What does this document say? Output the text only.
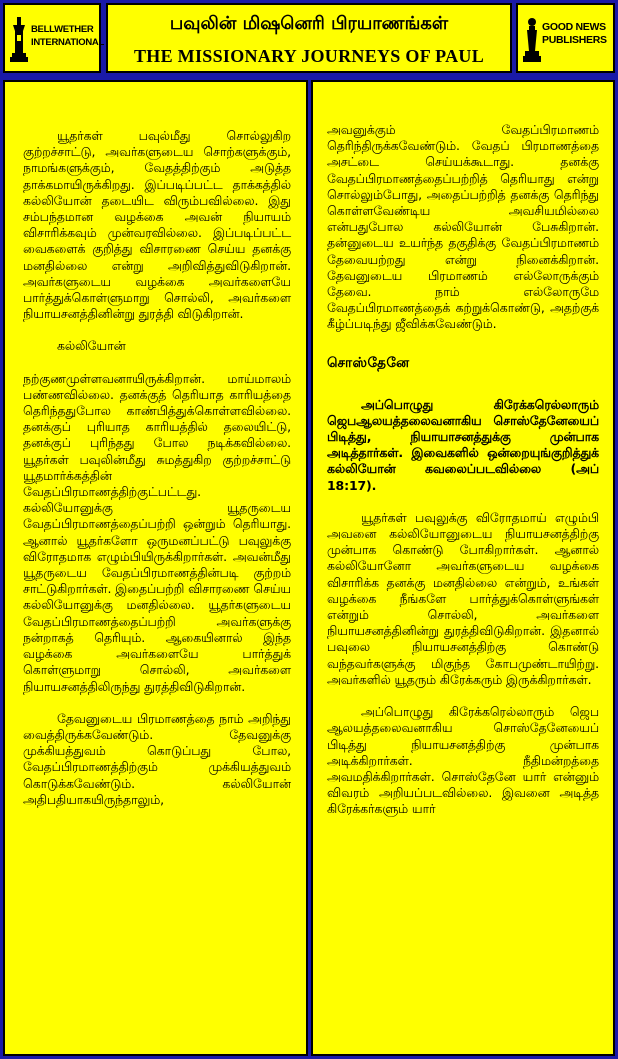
BELLWETHER INTERNATIONAL
பவுலின் மிஷனெரி பிரயாணங்கள்
THE MISSIONARY JOURNEYS OF PAUL
GOOD NEWS PUBLISHERS

யூதர்கள் பவுல்மீது சொல்லுகிற குற்றச்சாட்டு, அவர்களுடைய சொற்களுக்கும், நாமங்களுக்கும், வேதத்திற்கும் அடுத்த தாக்கமாயிருக்கிறது. இப்படிப்பட்ட தாக்கத்தில் கல்லியோன் தடையிட விரும்பவில்லை. இது சம்பந்தமான வழக்கை அவன் நியாயம் விசாரிக்கவும் முன்வரவில்லை. இப்படிப்பட்ட வைகளைக் குறித்து விசாரணை செய்ய தனக்கு மனதில்லை என்று அறிவித்துவிடுகிறான். அவர்களுடைய வழக்கை அவர்களையே பார்த்துக்கொள்ளுமாறு சொல்லி, அவர்களை நியாயசனத்தினின்று துரத்தி விடுகிறான்.

கல்லியோன்

நற்குணமுள்ளவனாயிருக்கிறான். மாய்மாலம் பண்ணவில்லை. தனக்குத் தெரியாத காரியத்தை தெரிந்ததுபோல காண்பித்துக்கொள்ளவில்லை. தனக்குப் புரியாத காரியத்தில் தலையிட்டு, தனக்குப் புரிந்தது போல நடிக்கவில்லை. யூதர்கள் பவுலின்மீது சுமத்துகிற குற்றச்சாட்டு யூதமார்க்கத்தின் வேதப்பிரமாணத்திற்குட்பட்டது. கல்லியோனுக்கு யூதருடைய வேதப்பிரமாணத்தைப்பற்றி ஒன்றும் தெரியாது. ஆனால் யூதர்களோ ஒருமனப்பட்டு பவுலுக்கு விரோதமாக எழும்பியிருக்கிறார்கள். அவன்மீது யூதருடைய வேதப்பிரமாணத்தின்படி குற்றம் சாட்டுகிறார்கள். இதைப்பற்றி விசாரணை செய்ய கல்லியோனுக்கு மனதில்லை. யூதர்களுடைய வேதப்பிரமாணத்தைப்பற்றி அவர்களுக்கு நன்றாகத் தெரியும். ஆகையினால் இந்த வழக்கை அவர்களையே பார்த்துக் கொள்ளுமாறு சொல்லி, அவர்களை நியாயசனத்திலிருந்து துரத்திவிடுகிறான்.

தேவனுடைய பிரமாணத்தை நாம் அறிந்து வைத்திருக்கவேண்டும். தேவனுக்கு முக்கியத்துவம் கொடுப்பது போல, வேதப்பிரமாணத்திற்கும் முக்கியத்துவம் கொடுக்கவேண்டும். கல்லியோன் அதிபதியாகயிருந்தாலும்,

அவனுக்கும் வேதப்பிரமாணம் தெரிந்திருக்கவேண்டும். வேதப் பிரமாணத்தை அசட்டை செய்யக்கூடாது. தனக்கு வேதப்பிரமாணத்தைப்பற்றித் தெரியாது என்று சொல்லும்போது, அதைப்பற்றித் தனக்கு தெரிந்து கொள்ளவேண்டிய அவசியமில்லை என்பதுபோல கல்லியோன் பேசுகிறான். தன்னுடைய உயர்ந்த தகுதிக்கு வேதப்பிரமாணம் தேவையற்றது என்று நினைக்கிறான். தேவனுடைய பிரமாணம் எல்லோருக்கும் தேவை. நாம் எல்லோருமே வேதப்பிரமாணத்தைக் கற்றுக்கொண்டு, அதற்குக் கீழ்ப்படிந்து ஜீவிக்கவேண்டும்.

சொஸ்தேனே

அப்பொழுது கிரேக்கரெல்லாரும் ஜெபஆலயத்தலைவனாகிய சொஸ்தேனேயைப் பிடித்து, நியாயாசனத்துக்கு முன்பாக அடித்தார்கள். இவைகளில் ஒன்றையுங்குறித்துக் கல்லியோன் கவலைப்படவில்லை (அப் 18:17).

யூதர்கள் பவுலுக்கு விரோதமாய் எழும்பி அவனை கல்லியோனுடைய நியாயசனத்திற்கு முன்பாக கொண்டு போகிறார்கள். ஆனால் கல்லியோனோ அவர்களுடைய வழக்கை விசாரிக்க தனக்கு மனதில்லை என்றும், உங்கள் வழக்கை நீங்களே பார்த்துக்கொள்ளுங்கள் என்றும் சொல்லி, அவர்களை நியாயசனத்தினின்று துரத்திவிடுகிறான். இதனால் பவுலை நியாயசனத்திற்கு கொண்டு வந்தவர்களுக்கு மிகுந்த கோபமுண்டாயிற்று. அவர்களில் யூதரும் கிரேக்கரும் இருக்கிறார்கள்.

அப்பொழுது கிரேக்கரெல்லாரும் ஜெப ஆலயத்தலைவனாகிய சொஸ்தேனேயைப் பிடித்து நியாயசனத்திற்கு முன்பாக அடிக்கிறார்கள். நீதிமன்றத்தை அவமதிக்கிறார்கள். சொஸ்தேனே யார் என்னும் விவரம் அறியப்படவில்லை. இவனை அடித்த கிரேக்கர்களும் யார்
